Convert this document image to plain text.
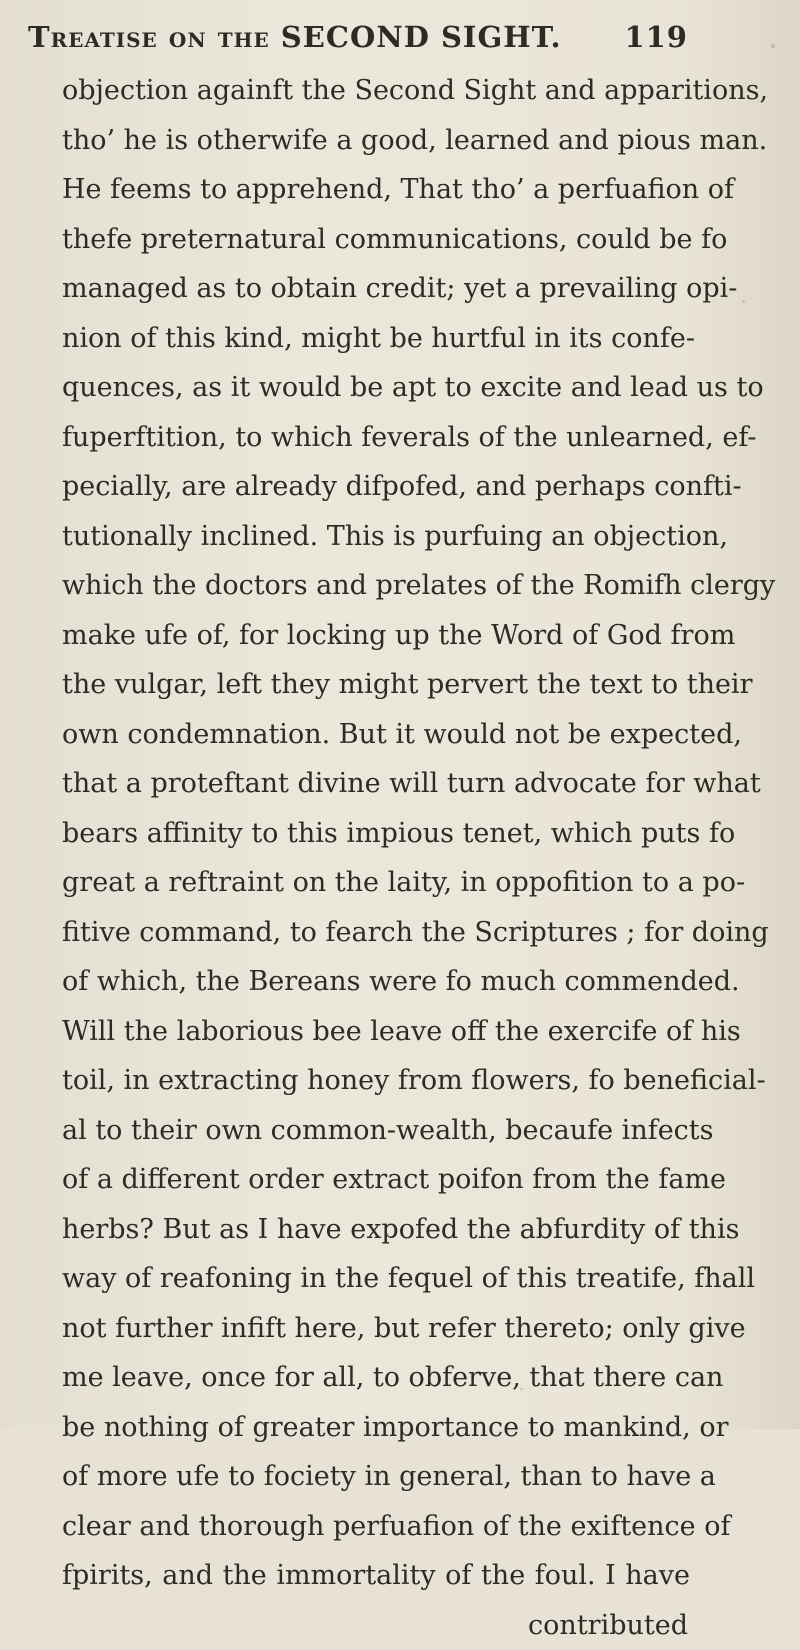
Treatise on the SECOND SIGHT. 119
objection againft the Second Sight and apparitions,
tho’ he is otherwife a good, learned and pious man.
He feems to apprehend, That tho’ a perfuafion of
thefe preternatural communications, could be fo
managed as to obtain credit; yet a prevailing opi-
nion of this kind, might be hurtful in its confe-
quences, as it would be apt to excite and lead us to
fuperftition, to which feverals of the unlearned, ef-
pecially, are already difpofed, and perhaps confti-
tutionally inclined. This is purfuing an objection,
which the doctors and prelates of the Romifh clergy
make ufe of, for locking up the Word of God from
the vulgar, left they might pervert the text to their
own condemnation. But it would not be expected,
that a proteftant divine will turn advocate for what
bears affinity to this impious tenet, which puts fo
great a reftraint on the laity, in oppofition to a po-
fitive command, to fearch the Scriptures ; for doing
of which, the Bereans were fo much commended.
Will the laborious bee leave off the exercife of his
toil, in extracting honey from flowers, fo beneficial-
al to their own common-wealth, becaufe infects
of a different order extract poifon from the fame
herbs? But as I have expofed the abfurdity of this
way of reafoning in the fequel of this treatife, fhall
not further infift here, but refer thereto; only give
me leave, once for all, to obferve, that there can
be nothing of greater importance to mankind, or
of more ufe to fociety in general, than to have a
clear and thorough perfuafion of the exiftence of
fpirits, and the immortality of the foul. I have
contributed
